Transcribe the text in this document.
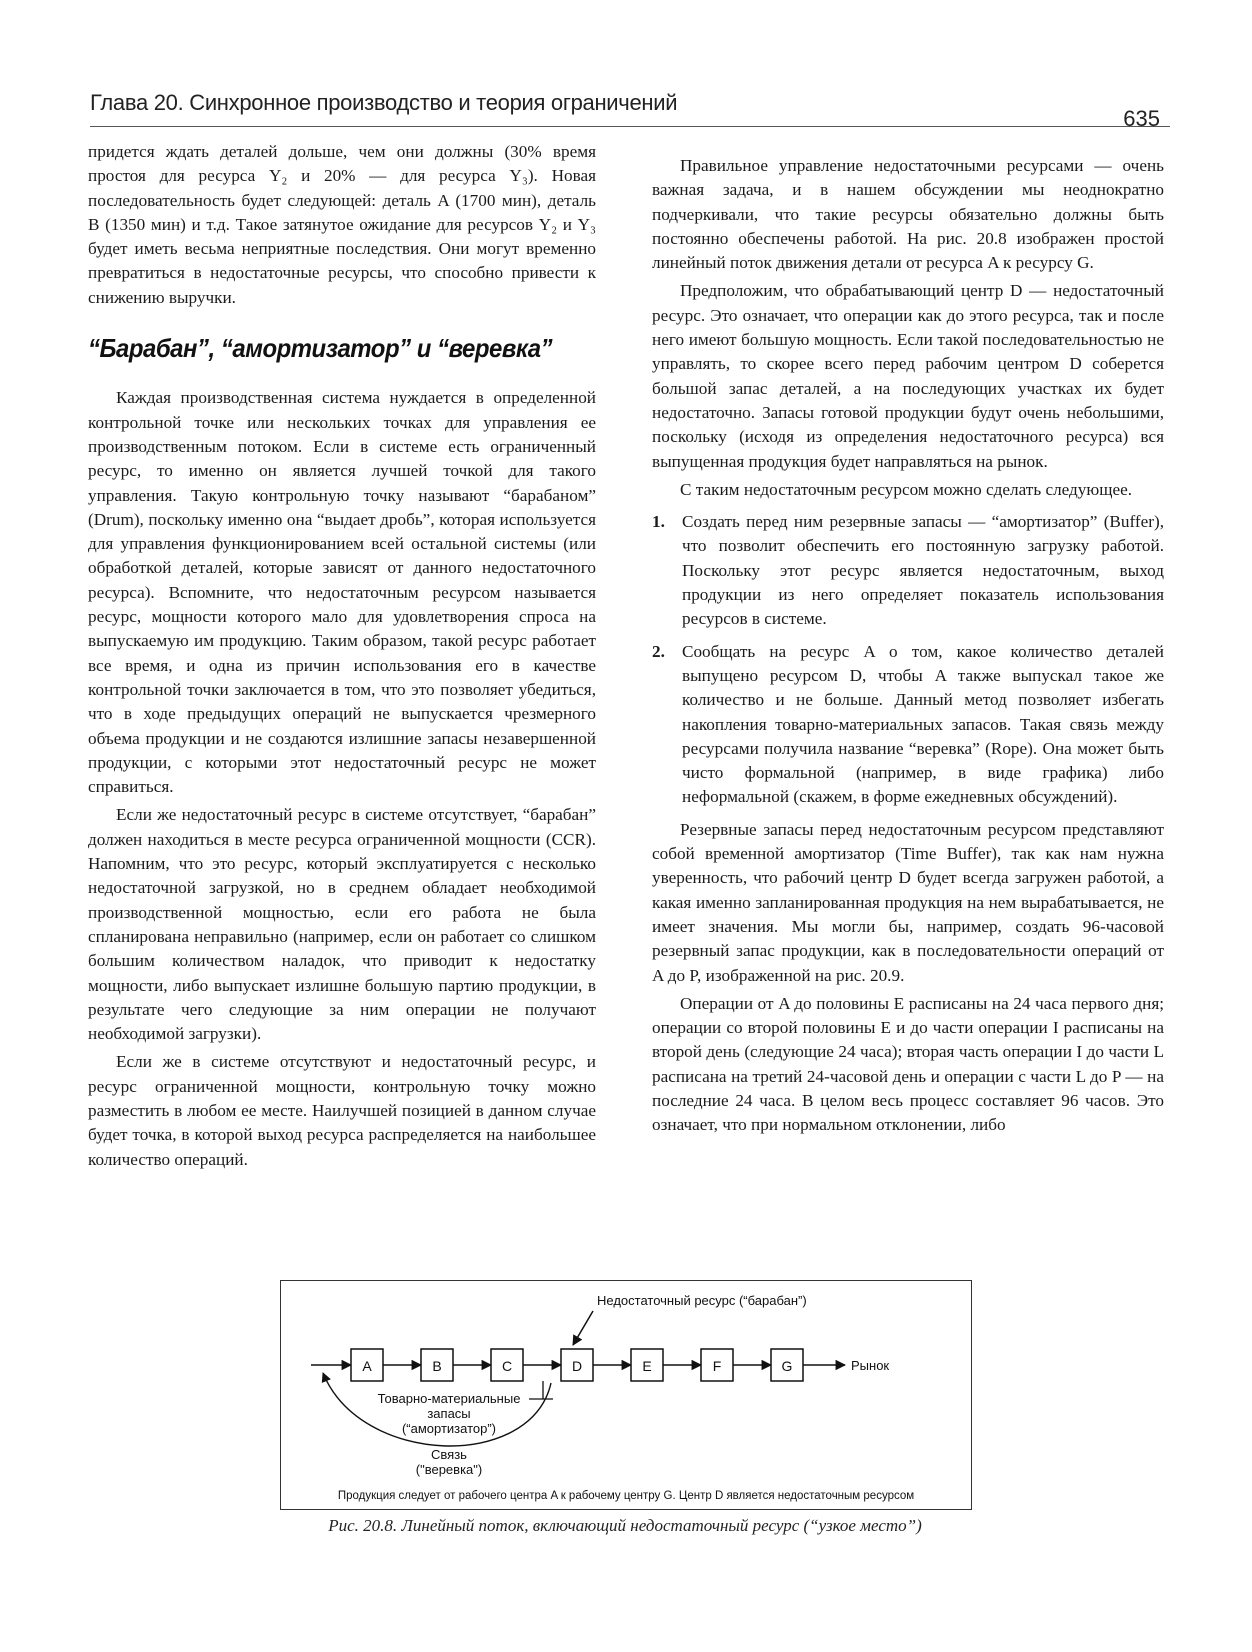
Глава 20. Синхронное производство и теория ограничений
635

придется ждать деталей дольше, чем они должны (30% время простоя для ресурса Y₂ и 20% — для ресурса Y₃). Новая последовательность будет следующей: деталь A (1700 мин), деталь B (1350 мин) и т.д. Такое затянутое ожидание для ресурсов Y₂ и Y₃ будет иметь весьма неприятные последствия. Они могут временно превратиться в недостаточные ресурсы, что способно привести к снижению выручки.

“Барабан”, “амортизатор” и “веревка”

Каждая производственная система нуждается в определенной контрольной точке или нескольких точках для управления ее производственным потоком. Если в системе есть ограниченный ресурс, то именно он является лучшей точкой для такого управления. Такую контрольную точку называют “барабаном” (Drum), поскольку именно она “выдает дробь”, которая используется для управления функционированием всей остальной системы (или обработкой деталей, которые зависят от данного недостаточного ресурса). Вспомните, что недостаточным ресурсом называется ресурс, мощности которого мало для удовлетворения спроса на выпускаемую им продукцию. Таким образом, такой ресурс работает все время, и одна из причин использования его в качестве контрольной точки заключается в том, что это позволяет убедиться, что в ходе предыдущих операций не выпускается чрезмерного объема продукции и не создаются излишние запасы незавершенной продукции, с которыми этот недостаточный ресурс не может справиться.

Если же недостаточный ресурс в системе отсутствует, “барабан” должен находиться в месте ресурса ограниченной мощности (CCR). Напомним, что это ресурс, который эксплуатируется с несколько недостаточной загрузкой, но в среднем обладает необходимой производственной мощностью, если его работа не была спланирована неправильно (например, если он работает со слишком большим количеством наладок, что приводит к недостатку мощности, либо выпускает излишне большую партию продукции, в результате чего следующие за ним операции не получают необходимой загрузки).

Если же в системе отсутствуют и недостаточный ресурс, и ресурс ограниченной мощности, контрольную точку можно разместить в любом ее месте. Наилучшей позицией в данном случае будет точка, в которой выход ресурса распределяется на наибольшее количество операций.

Правильное управление недостаточными ресурсами — очень важная задача, и в нашем обсуждении мы неоднократно подчеркивали, что такие ресурсы обязательно должны быть постоянно обеспечены работой. На рис. 20.8 изображен простой линейный поток движения детали от ресурса A к ресурсу G.

Предположим, что обрабатывающий центр D — недостаточный ресурс. Это означает, что операции как до этого ресурса, так и после него имеют большую мощность. Если такой последовательностью не управлять, то скорее всего перед рабочим центром D соберется большой запас деталей, а на последующих участках их будет недостаточно. Запасы готовой продукции будут очень небольшими, поскольку (исходя из определения недостаточного ресурса) вся выпущенная продукция будет направляться на рынок.

С таким недостаточным ресурсом можно сделать следующее.

1. Создать перед ним резервные запасы — “амортизатор” (Buffer), что позволит обеспечить его постоянную загрузку работой. Поскольку этот ресурс является недостаточным, выход продукции из него определяет показатель использования ресурсов в системе.
2. Сообщать на ресурс A о том, какое количество деталей выпущено ресурсом D, чтобы A также выпускал такое же количество и не больше. Данный метод позволяет избегать накопления товарно-материальных запасов. Такая связь между ресурсами получила название “веревка” (Rope). Она может быть чисто формальной (например, в виде графика) либо неформальной (скажем, в форме ежедневных обсуждений).

Резервные запасы перед недостаточным ресурсом представляют собой временной амортизатор (Time Buffer), так как нам нужна уверенность, что рабочий центр D будет всегда загружен работой, а какая именно запланированная продукция на нем вырабатывается, не имеет значения. Мы могли бы, например, создать 96-часовой резервный запас продукции, как в последовательности операций от A до P, изображенной на рис. 20.9.

Операции от A до половины E расписаны на 24 часа первого дня; операции со второй половины E и до части операции I расписаны на второй день (следующие 24 часа); вторая часть операции I до части L расписана на третий 24-часовой день и операции с части L до P — на последние 24 часа. В целом весь процесс составляет 96 часов. Это означает, что при нормальном отклонении, либо

A	B	C	D	E	F	G	Рынок
Недостаточный ресурс (“барабан”)
Товарно-материальные
запасы
(“амортизатор”)
Связь
("веревка")
Продукция следует от рабочего центра A к рабочему центру G. Центр D является недостаточным ресурсом
Рис. 20.8. Линейный поток, включающий недостаточный ресурс (“узкое место”)
